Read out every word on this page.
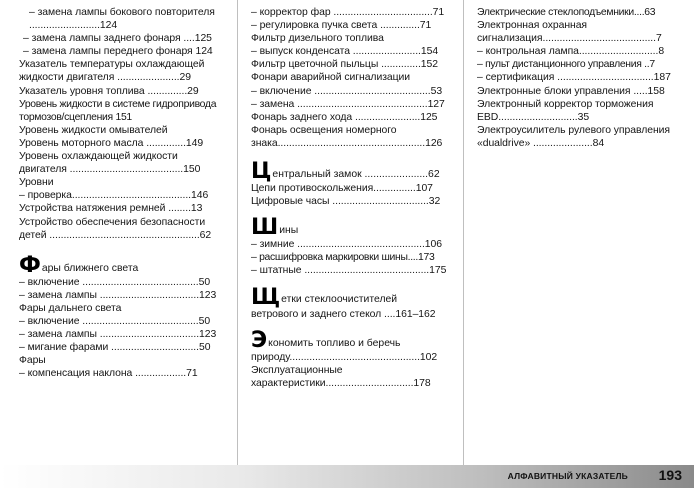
– замена лампы бокового повторителя .........................124
– замена лампы заднего фонаря ....125
– замена лампы переднего фонаря 124
Указатель температуры охлаждающей жидкости двигателя ......................29
Указатель уровня топлива ..............29
Уровень жидкости в системе гидропривода тормозов/сцепления 151
Уровень жидкости омывателей
Уровень моторного масла ..............149
Уровень охлаждающей жидкости двигателя ........................................150
Уровни
– проверка..........................................146
Устройства натяжения ремней ........13
Устройство обеспечения безопасности детей .....................................................62
Ф ары ближнего света
– включение .........................................50
– замена лампы ...................................123
Фары дальнего света
– включение .........................................50
– замена лампы ...................................123
– мигание фарами ...............................50
Фары
– компенсация наклона ..................71
– корректор фар ...................................71
– регулировка пучка света ..............71
Фильтр дизельного топлива
– выпуск конденсата ........................154
Фильтр цветочной пыльцы ..............152
Фонари аварийной сигнализации
– включение .........................................53
– замена ..............................................127
Фонарь заднего хода .......................125
Фонарь освещения номерного знака....................................................126
Ц ентральный замок ......................62
Цепи противоскольжения...............107
Цифровые часы ..................................32
Ш ины
– зимние .............................................106
– расшифровка маркировки шины....173
– штатные ............................................175
Щ етки стеклоочистителей
ветрового и заднего стекол ....161–162
Э кономить топливо и беречь
природу..............................................102
Эксплуатационные характеристики...............................178
Электрические стеклоподъемники....63
Электронная охранная сигнализация........................................7
– контрольная лампа............................8
– пульт дистанционного управления ..7
– сертификация ..................................187
Электронные блоки управления .....158
Электронный корректор торможения EBD............................35
Электроусилитель рулевого управления «dualdrive» .....................84
АЛФАВИТНЫЙ УКАЗАТЕЛЬ 193
